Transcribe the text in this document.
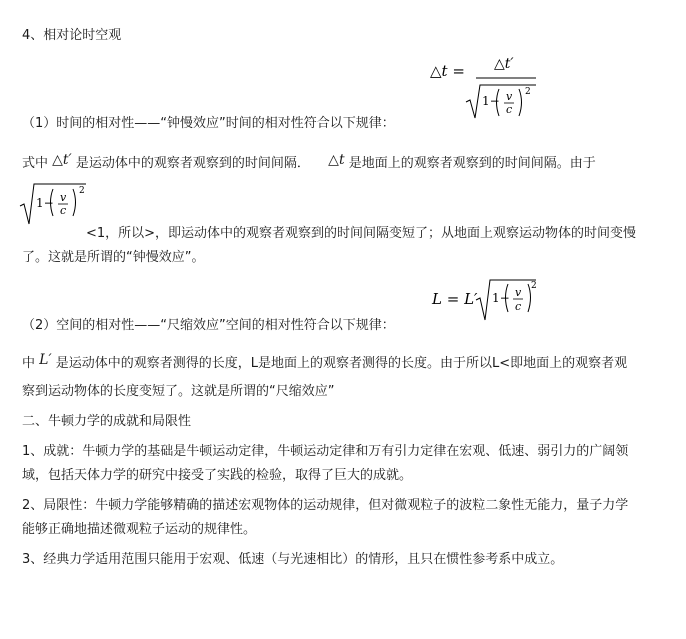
4、相对论时空观
△t = △t′
1− v
c
2
（1）时间的相对性——“钟慢效应”时间的相对性符合以下规律：
式中 △t′ 是运动体中的观察者观察到的时间间隔． △t 是地面上的观察者观察到的时间间隔。由于
1− v
c
2
<1，所以>，即运动体中的观察者观察到的时间间隔变短了；从地面上观察运动物体的时间变慢
了。这就是所谓的“钟慢效应”。
L = L′ 1− v
c
2
（2）空间的相对性——“尺缩效应”空间的相对性符合以下规律：
中 L′ 是运动体中的观察者测得的长度，L是地面上的观察者测得的长度。由于所以L<即地面上的观察者观
察到运动物体的长度变短了。这就是所谓的“尺缩效应”
二、牛顿力学的成就和局限性
1、成就：牛顿力学的基础是牛顿运动定律，牛顿运动定律和万有引力定律在宏观、低速、弱引力的广阔领
域，包括天体力学的研究中接受了实践的检验，取得了巨大的成就。
2、局限性：牛顿力学能够精确的描述宏观物体的运动规律，但对微观粒子的波粒二象性无能力，量子力学
能够正确地描述微观粒子运动的规律性。
3、经典力学适用范围只能用于宏观、低速（与光速相比）的情形，且只在惯性参考系中成立。
